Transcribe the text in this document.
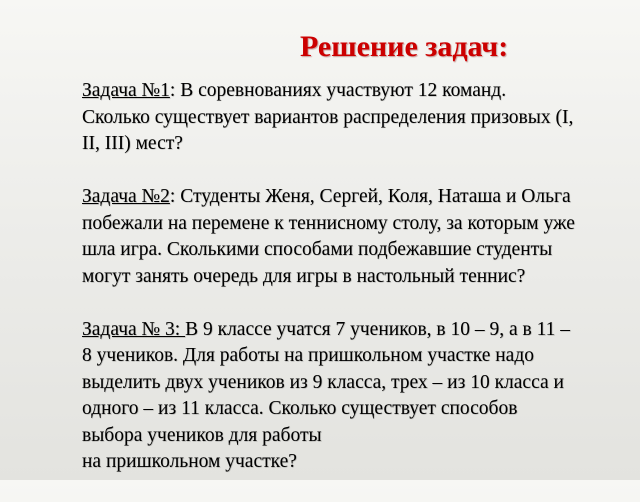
Решение задач:

Задача №1: В соревнованиях участвуют 12 команд.
Сколько существует вариантов распределения призовых (I,
II, III) мест?

Задача №2: Студенты Женя, Сергей, Коля, Наташа и Ольга
побежали на перемене к теннисному столу, за которым уже
шла игра. Сколькими способами подбежавшие студенты
могут занять очередь для игры в настольный теннис?

Задача № 3: В 9 классе учатся 7 учеников, в 10 – 9, а в 11 –
8 учеников. Для работы на пришкольном участке надо
выделить двух учеников из 9 класса, трех – из 10 класса и
одного – из 11 класса. Сколько существует способов
выбора учеников для работы
на пришкольном участке?
